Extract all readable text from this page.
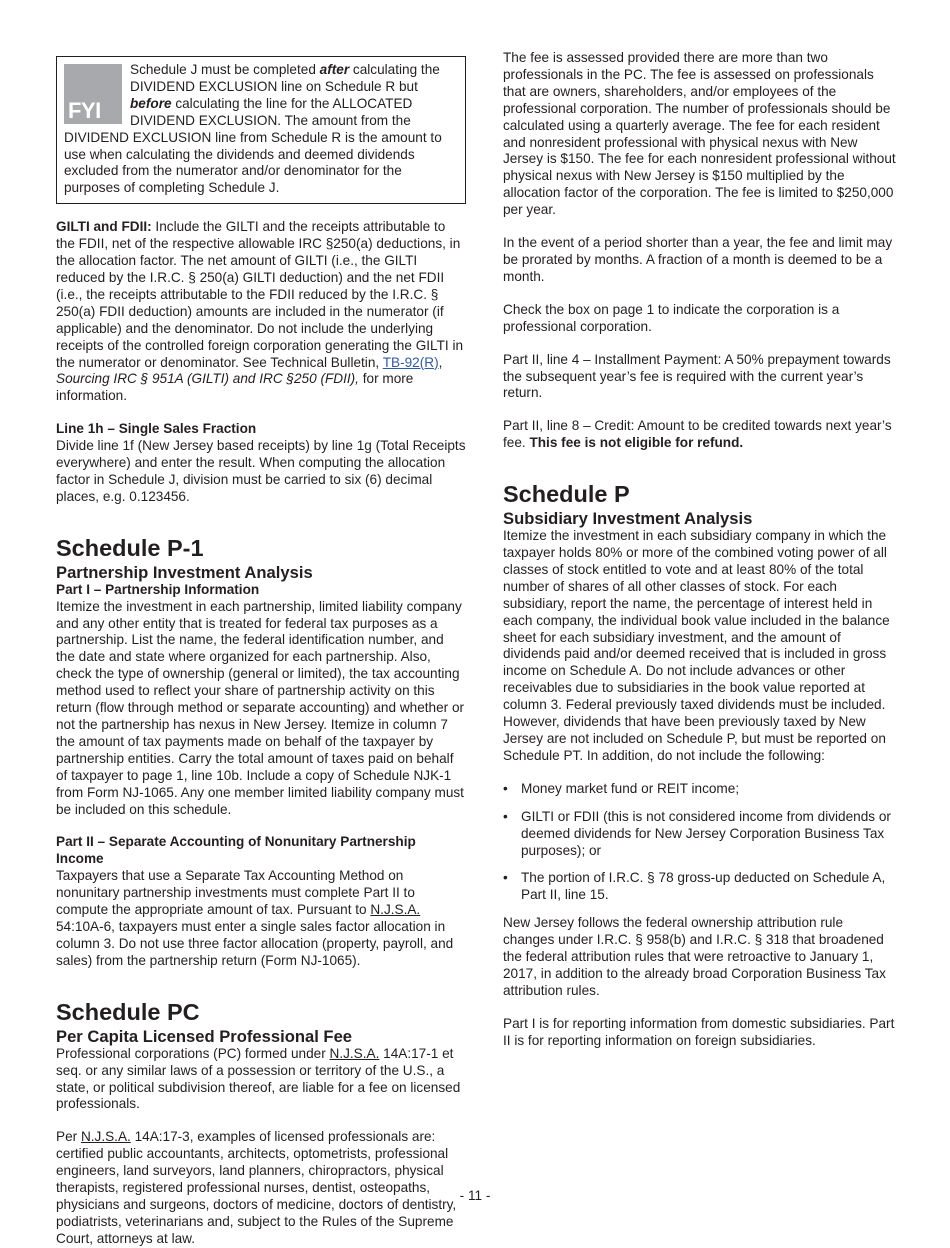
FYI
Schedule J must be completed after calculating the DIVIDEND EXCLUSION line on Schedule R but before calculating the line for the ALLOCATED DIVIDEND EXCLUSION. The amount from the DIVIDEND EXCLUSION line from Schedule R is the amount to use when calculating the dividends and deemed dividends excluded from the numerator and/or denominator for the purposes of completing Schedule J.

GILTI and FDII: Include the GILTI and the receipts attributable to the FDII, net of the respective allowable IRC §250(a) deductions, in the allocation factor. The net amount of GILTI (i.e., the GILTI reduced by the I.R.C. § 250(a) GILTI deduction) and the net FDII (i.e., the receipts attributable to the FDII reduced by the I.R.C. § 250(a) FDII deduction) amounts are included in the numerator (if applicable) and the denominator. Do not include the underlying receipts of the controlled foreign corporation generating the GILTI in the numerator or denominator. See Technical Bulletin, TB-92(R), Sourcing IRC § 951A (GILTI) and IRC §250 (FDII), for more information.

Line 1h – Single Sales Fraction

Divide line 1f (New Jersey based receipts) by line 1g (Total Receipts everywhere) and enter the result. When computing the allocation factor in Schedule J, division must be carried to six (6) decimal places, e.g. 0.123456.

Schedule P-1
Partnership Investment Analysis
Part I – Partnership Information

Itemize the investment in each partnership, limited liability company and any other entity that is treated for federal tax purposes as a partnership. List the name, the federal identification number, and the date and state where organized for each partnership. Also, check the type of ownership (general or limited), the tax accounting method used to reflect your share of partnership activity on this return (flow through method or separate accounting) and whether or not the partnership has nexus in New Jersey. Itemize in column 7 the amount of tax payments made on behalf of the taxpayer by partnership entities. Carry the total amount of taxes paid on behalf of taxpayer to page 1, line 10b. Include a copy of Schedule NJK-1 from Form NJ-1065. Any one member limited liability company must be included on this schedule.

Part II – Separate Accounting of Nonunitary Partnership Income

Taxpayers that use a Separate Tax Accounting Method on nonunitary partnership investments must complete Part II to compute the appropriate amount of tax. Pursuant to N.J.S.A. 54:10A-6, taxpayers must enter a single sales factor allocation in column 3. Do not use three factor allocation (property, payroll, and sales) from the partnership return (Form NJ-1065).

Schedule PC
Per Capita Licensed Professional Fee

Professional corporations (PC) formed under N.J.S.A. 14A:17-1 et seq. or any similar laws of a possession or territory of the U.S., a state, or political subdivision thereof, are liable for a fee on licensed professionals.

Per N.J.S.A. 14A:17-3, examples of licensed professionals are: certified public accountants, architects, optometrists, professional engineers, land surveyors, land planners, chiropractors, physical therapists, registered professional nurses, dentist, osteopaths, physicians and surgeons, doctors of medicine, doctors of dentistry, podiatrists, veterinarians and, subject to the Rules of the Supreme Court, attorneys at law.

The fee is assessed provided there are more than two professionals in the PC. The fee is assessed on professionals that are owners, shareholders, and/or employees of the professional corporation. The number of professionals should be calculated using a quarterly average. The fee for each resident and nonresident professional with physical nexus with New Jersey is $150. The fee for each nonresident professional without physical nexus with New Jersey is $150 multiplied by the allocation factor of the corporation. The fee is limited to $250,000 per year.

In the event of a period shorter than a year, the fee and limit may be prorated by months. A fraction of a month is deemed to be a month.

Check the box on page 1 to indicate the corporation is a professional corporation.

Part II, line 4 – Installment Payment: A 50% prepayment towards the subsequent year’s fee is required with the current year’s return.

Part II, line 8 – Credit: Amount to be credited towards next year’s fee. This fee is not eligible for refund.

Schedule P
Subsidiary Investment Analysis

Itemize the investment in each subsidiary company in which the taxpayer holds 80% or more of the combined voting power of all classes of stock entitled to vote and at least 80% of the total number of shares of all other classes of stock. For each subsidiary, report the name, the percentage of interest held in each company, the individual book value included in the balance sheet for each subsidiary investment, and the amount of dividends paid and/or deemed received that is included in gross income on Schedule A. Do not include advances or other receivables due to subsidiaries in the book value reported at column 3. Federal previously taxed dividends must be included. However, dividends that have been previously taxed by New Jersey are not included on Schedule P, but must be reported on Schedule PT. In addition, do not include the following:

• Money market fund or REIT income;
• GILTI or FDII (this is not considered income from dividends or deemed dividends for New Jersey Corporation Business Tax purposes); or
• The portion of I.R.C. § 78 gross-up deducted on Schedule A, Part II, line 15.

New Jersey follows the federal ownership attribution rule changes under I.R.C. § 958(b) and I.R.C. § 318 that broadened the federal attribution rules that were retroactive to January 1, 2017, in addition to the already broad Corporation Business Tax attribution rules.

Part I is for reporting information from domestic subsidiaries. Part II is for reporting information on foreign subsidiaries.

- 11 -
